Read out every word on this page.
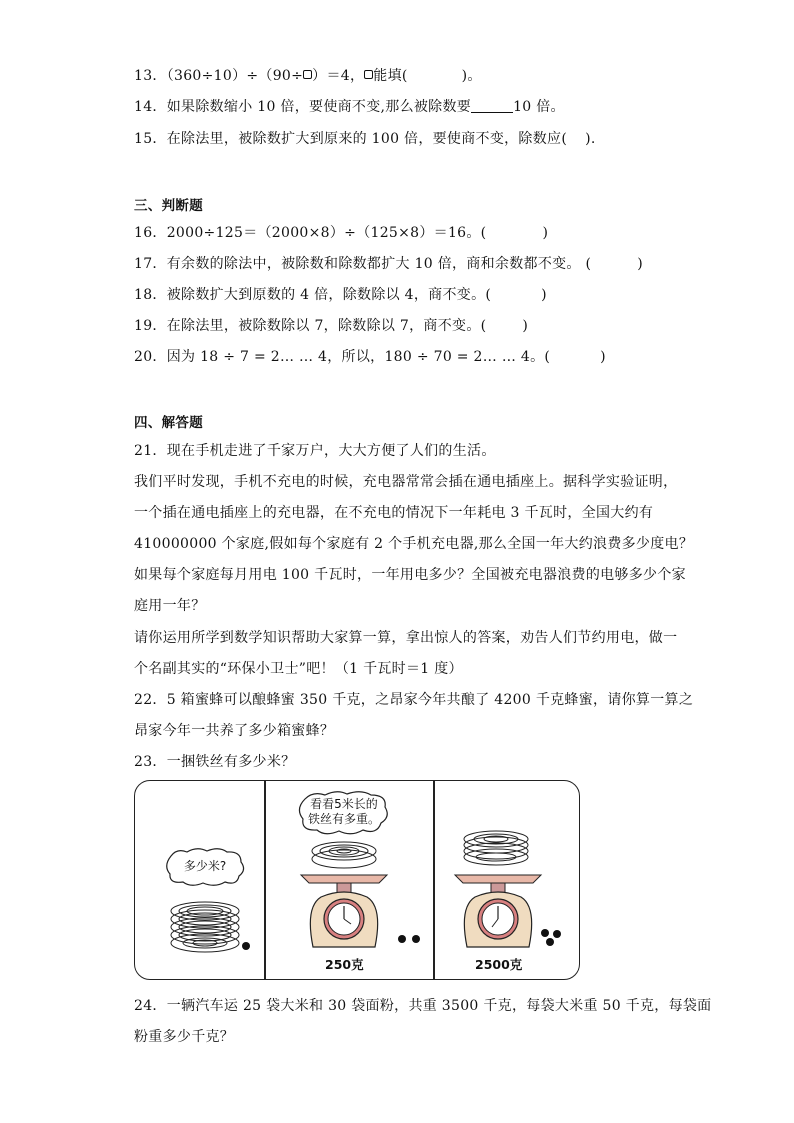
13．（360÷10）÷（90÷ ）＝4， 能填(	)。
14．如果除数缩小 10 倍，要使商不变,那么被除数要	10 倍。
15．在除法里，被除数扩大到原来的 100 倍，要使商不变，除数应( ).
三、判断题
16．2000÷125＝（2000×8）÷（125×8）＝16。(	)
17．有余数的除法中，被除数和除数都扩大 10 倍，商和余数都不变。 (	)
18．被除数扩大到原数的 4 倍，除数除以 4，商不变。(	)
19．在除法里，被除数除以 7，除数除以 7，商不变。(	)
20．因为 18 ÷ 7 = 2… … 4，所以，180 ÷ 70 = 2… … 4。(	)
四、解答题
21．现在手机走进了千家万户，大大方便了人们的生活。
我们平时发现，手机不充电的时候，充电器常常会插在通电插座上。据科学实验证明，
一个插在通电插座上的充电器，在不充电的情况下一年耗电 3 千瓦时，全国大约有
410000000 个家庭,假如每个家庭有 2 个手机充电器,那么全国一年大约浪费多少度电？
如果每个家庭每月用电 100 千瓦时，一年用电多少？全国被充电器浪费的电够多少个家
庭用一年？
请你运用所学到数学知识帮助大家算一算，拿出惊人的答案，劝告人们节约用电，做一
个名副其实的“环保小卫士”吧！（1 千瓦时＝1 度）
22．5 箱蜜蜂可以酿蜂蜜 350 千克，之昂家今年共酿了 4200 千克蜂蜜，请你算一算之
昂家今年一共养了多少箱蜜蜂？
23．一捆铁丝有多少米？
多少米?
看看5米长的
铁丝有多重。
250克	2500克
24．一辆汽车运 25 袋大米和 30 袋面粉，共重 3500 千克，每袋大米重 50 千克，每袋面
粉重多少千克？
